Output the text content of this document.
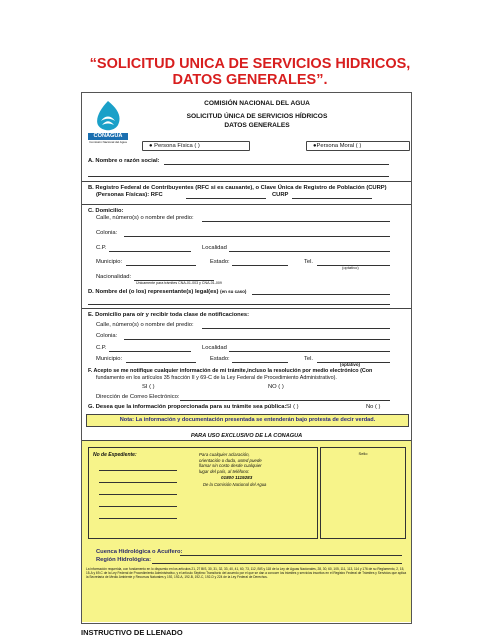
“SOLICITUD UNICA DE SERVICIOS HIDRICOS, DATOS GENERALES”.
CONAGUA
Comisión Nacional del Agua
COMISIÓN NACIONAL DEL AGUA
SOLICITUD ÚNICA DE SERVICIOS HÍDRICOS
DATOS GENERALES
● Persona Física ( )	●Persona Moral ( )
A. Nombre o razón social:
B. Registro Federal de Contribuyentes (RFC si es causante), o Clave Única de Registro de Población (CURP)
(Personas Físicas): RFC	CURP
C. Domicilio:
Calle, número(s) o nombre del predio:
Colonia:
C.P.	Localidad
Municipio:	Estado:	Tel.
(optativo)
Nacionalidad:
Únicamente para trámites CNA-01-003 y CNA-01-009
D. Nombre del (o los) representante(s) legal(es) (en su caso)
E. Domicilio para oír y recibir toda clase de notificaciones:
Calle, número(s) o nombre del predio:
Colonia:
C.P.	Localidad
Municipio:	Estado:	Tel.
(optativo)
F. Acepto se me notifique cualquier información de mi trámite,incluso la resolución por medio electrónico (Con
fundamento en los artículos 35 fracción II y 69-C de la Ley Federal de Procedimiento Administrativo).
SI ( )	NO ( )
Dirección de Correo Electrónico:
G. Desea que la información proporcionada para su trámite sea pública: SI ( )	No ( )
Nota: La información y documentación presentada se entenderán bajo protesta de decir verdad.
PARA USO EXCLUSIVO DE LA CONAGUA
No de Expediente:	Para cualquier aclaración,
orientación o duda, usted puede
llamar sin costo desde cualquier
lugar del país, al teléfono:
01800 1119283
De la Comisión Nacional del Agua
Sello
Cuenca Hidrológica o Acuífero:
Región Hidrológica:
La información requerida, con fundamento en lo dispuesto en los artículos 21, 27 BIS, 30, 31, 32, 33, 40, 41, 60, 73, 112, BIS y 118 de la Ley de Aguas Nacionales, 28, 30, 60, 105, 111, 113, 114 y 176 de su Reglamento, 2, 15, 15-A y 69-C de la Ley Federal de Procedimiento Administrativo, y el artículo Séptimo Transitorio del acuerdo por el que se dan a conocer los trámites y servicios inscritos en el Registro Federal de Trámites y Servicios que aplica la Secretaría de Medio Ambiente y Recursos Naturales y 192, 192-A, 192-B, 192-C, 192-D y 224 de la Ley Federal de Derechos.
INSTRUCTIVO DE LLENADO
